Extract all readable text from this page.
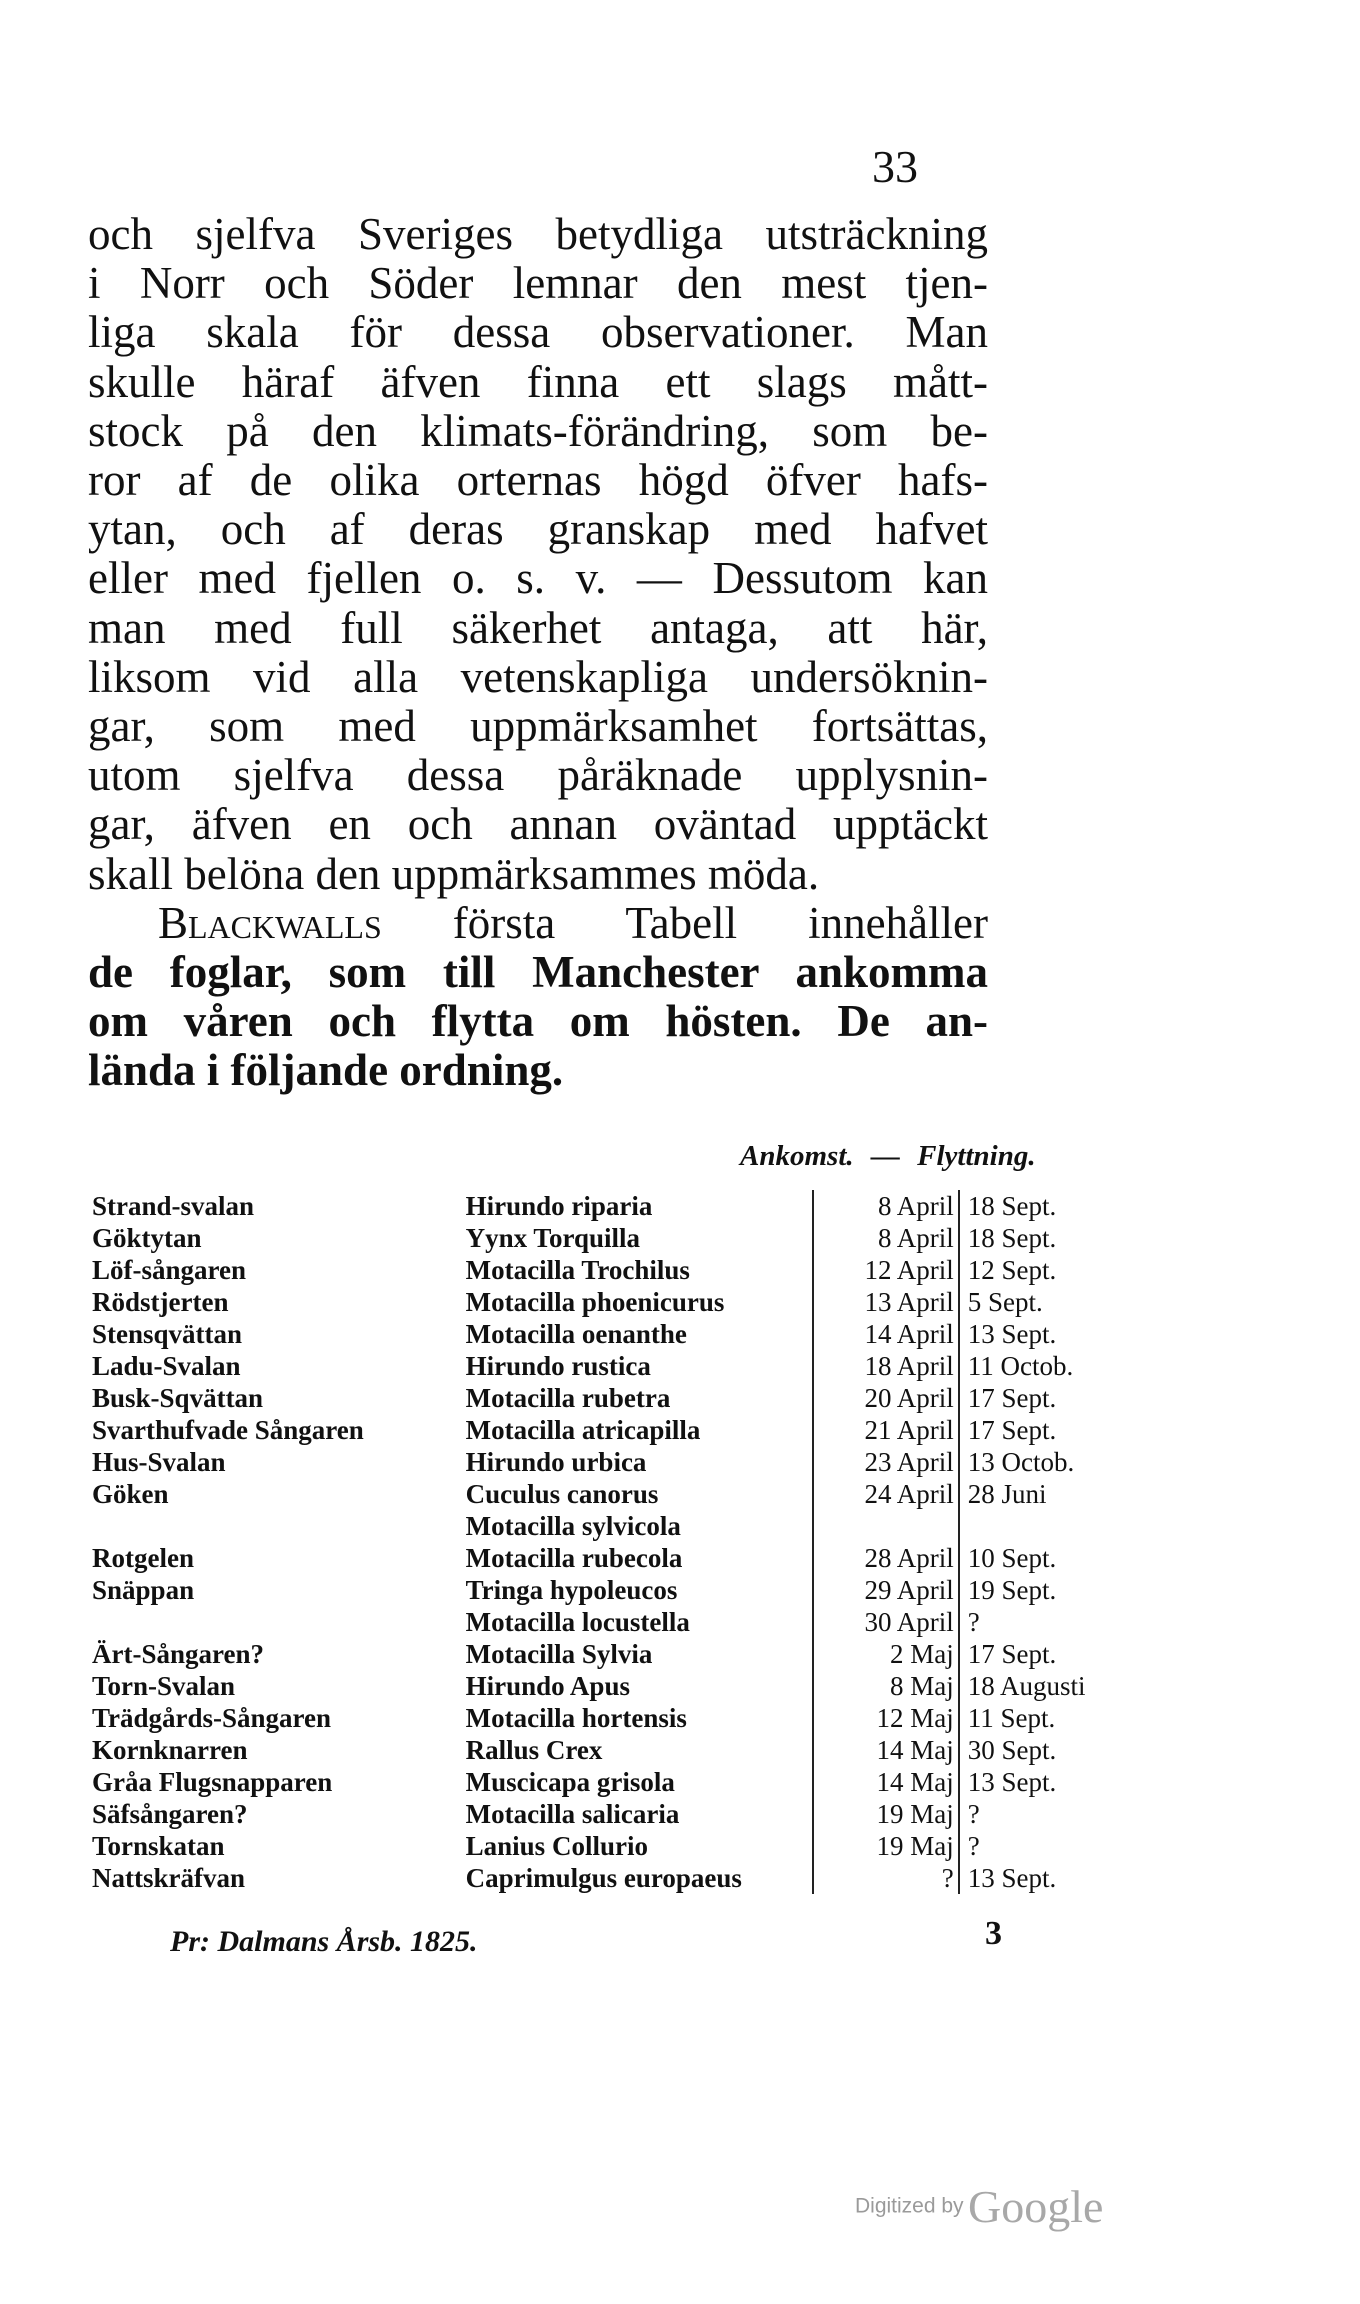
33
och sjelfva Sveriges betydliga utsträckning
i Norr och Söder lemnar den mest tjen-
liga skala för dessa observationer. Man
skulle häraf äfven finna ett slags mått-
stock på den klimats-förändring, som be-
ror af de olika orternas högd öfver hafs-
ytan, och af deras granskap med hafvet
eller med fjellen o. s. v. — Dessutom kan
man med full säkerhet antaga, att här,
liksom vid alla vetenskapliga undersöknin-
gar, som med uppmärksamhet fortsättas,
utom sjelfva dessa påräknade upplysnin-
gar, äfven en och annan oväntad upptäckt
skall belöna den uppmärksammes möda.
Blackwalls första Tabell innehåller
de foglar, som till Manchester ankomma
om våren och flytta om hösten. De an-
lända i följande ordning.
Ankomst. — Flyttning.
Strand-svalan	Hirundo riparia	8 April	18 Sept.
Göktytan	Yynx Torquilla	8 April	18 Sept.
Löf-sångaren	Motacilla Trochilus	12 April	12 Sept.
Rödstjerten	Motacilla phoenicurus	13 April	5 Sept.
Stensqvättan	Motacilla oenanthe	14 April	13 Sept.
Ladu-Svalan	Hirundo rustica	18 April	11 Octob.
Busk-Sqvättan	Motacilla rubetra	20 April	17 Sept.
Svarthufvade Sångaren	Motacilla atricapilla	21 April	17 Sept.
Hus-Svalan	Hirundo urbica	23 April	13 Octob.
Göken	Cuculus canorus	24 April	28 Juni
	Motacilla sylvicola		
Rotgelen	Motacilla rubecola	28 April	10 Sept.
Snäppan	Tringa hypoleucos	29 April	19 Sept.
	Motacilla locustella	30 April	?
Ärt-Sångaren?	Motacilla Sylvia	2 Maj	17 Sept.
Torn-Svalan	Hirundo Apus	8 Maj	18 Augusti
Trädgårds-Sångaren	Motacilla hortensis	12 Maj	11 Sept.
Kornknarren	Rallus Crex	14 Maj	30 Sept.
Gråa Flugsnapparen	Muscicapa grisola	14 Maj	13 Sept.
Säfsångaren?	Motacilla salicaria	19 Maj	?
Tornskatan	Lanius Collurio	19 Maj	?
Nattskräfvan	Caprimulgus europaeus	?	13 Sept.
Pr: Dalmans Årsb. 1825.	3
Digitized by Google
